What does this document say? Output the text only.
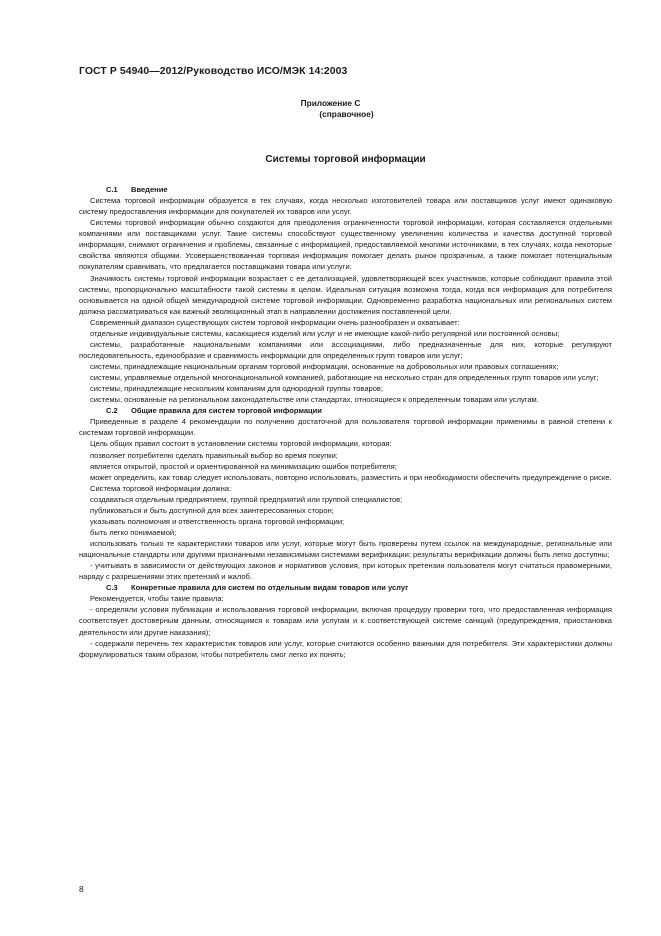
ГОСТ Р 54940—2012/Руководство ИСО/МЭК 14:2003
Приложение С
(справочное)
Системы торговой информации

С.1 Введение

Система торговой информации образуется в тех случаях, когда несколько изготовителей товара или поставщиков услуг имеют одинаковую систему предоставления информации для покупателей их товаров или услуг.

Системы торговой информации обычно создаются для преодоления ограниченности торговой информации, которая составляется отдельными компаниями или поставщиками услуг. Такие системы способствуют существенному увеличению количества и качества доступной торговой информации, снимают ограничения и проблемы, связанные с информацией, предоставляемой многими источниками, в тех случаях, когда некоторые свойства являются общими. Усовершенствованная торговая информация помогает делать рынок прозрачным, а также помогает потенциальным покупателям сравнивать, что предлагается поставщиками товара или услуги.

Значимость системы торговой информации возрастает с ее детализацией, удовлетворяющей всех участников, которые соблюдают правила этой системы, пропорционально масштабности такой системы в целом. Идеальная ситуация возможна тогда, когда вся информация для потребителя основывается на одной общей международной системе торговой информации. Одновременно разработка национальных или региональных систем должна рассматриваться как важный эволюционный этап в направлении достижения поставленной цели.

Современный диапазон существующих систем торговой информации очень разнообразен и охватывает:

отдельные индивидуальные системы, касающиеся изделий или услуг и не имеющие какой-либо регулярной или постоянной основы;

системы, разработанные национальными компаниями или ассоциациями, либо предназначенные для них, которые регулируют последовательность, единообразие и сравнимость информации для определенных групп товаров или услуг;

системы, принадлежащие национальным органам торговой информации, основанные на добровольных или правовых соглашениях;

системы, управляемые отдельной многонациональной компанией, работающие на несколько стран для определенных групп товаров или услуг;

системы, принадлежащие нескольким компаниям для однородной группы товаров;

системы, основанные на региональном законодательстве или стандартах, относящиеся к определенным товарам или услугам.

С.2 Общие правила для систем торговой информации

Приведенные в разделе 4 рекомендации по получению достаточной для пользователя торговой информации применимы в равной степени к системам торговой информации.

Цель общих правил состоит в установлении системы торговой информации, которая:

позволяет потребителю сделать правильный выбор во время покупки;

является открытой, простой и ориентированной на минимизацию ошибок потребителя;

может определить, как товар следует использовать, повторно использовать, разместить и при необходимости обеспечить предупреждение о риске.

Система торговой информации должна:

создаваться отдельным предприятием, группой предприятий или группой специалистов;

публиковаться и быть доступной для всех заинтересованных сторон;

указывать полномочия и ответственность органа торговой информации;

быть легко понимаемой;

использовать только те характеристики товаров или услуг, которые могут быть проверены путем ссылок на международные, региональные или национальные стандарты или другими признанными независимыми системами верификации; результаты верификации должны быть легко доступны;

- учитывать в зависимости от действующих законов и нормативов условия, при которых претензии пользователя могут считаться правомерными, наряду с разрешениями этих претензий и жалоб.

С.3 Конкретные правила для систем по отдельным видам товаров или услуг

Рекомендуется, чтобы такие правила:

- определяли условия публикации и использования торговой информации, включая процедуру проверки того, что предоставленная информация соответствует достоверным данным, относящимся к товарам или услугам и к соответствующей системе санкций (предупреждения, приостановка деятельности или другие наказания);

- содержали перечень тех характеристик товаров или услуг, которые считаются особенно важными для потребителя. Эти характеристики должны формулироваться таким образом, чтобы потребитель смог легко их понять;

8
